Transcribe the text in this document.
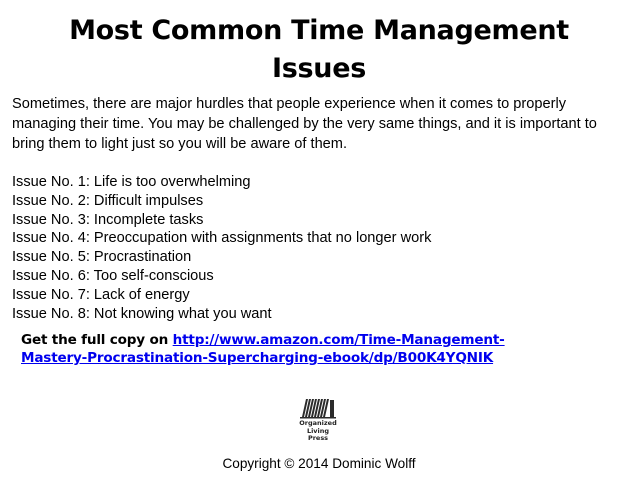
Most Common Time Management
Issues

Sometimes, there are major hurdles that people experience when it comes to properly managing their time. You may be challenged by the very same things, and it is important to bring them to light just so you will be aware of them.

Issue No. 1: Life is too overwhelming
Issue No. 2: Difficult impulses
Issue No. 3: Incomplete tasks
Issue No. 4: Preoccupation with assignments that no longer work
Issue No. 5: Procrastination
Issue No. 6: Too self-conscious
Issue No. 7: Lack of energy
Issue No. 8: Not knowing what you want
Get the full copy on http://www.amazon.com/Time-Management-
Mastery-Procrastination-Supercharging-ebook/dp/B00K4YQNIK
Organized
Living
Press
Copyright © 2014 Dominic Wolff
